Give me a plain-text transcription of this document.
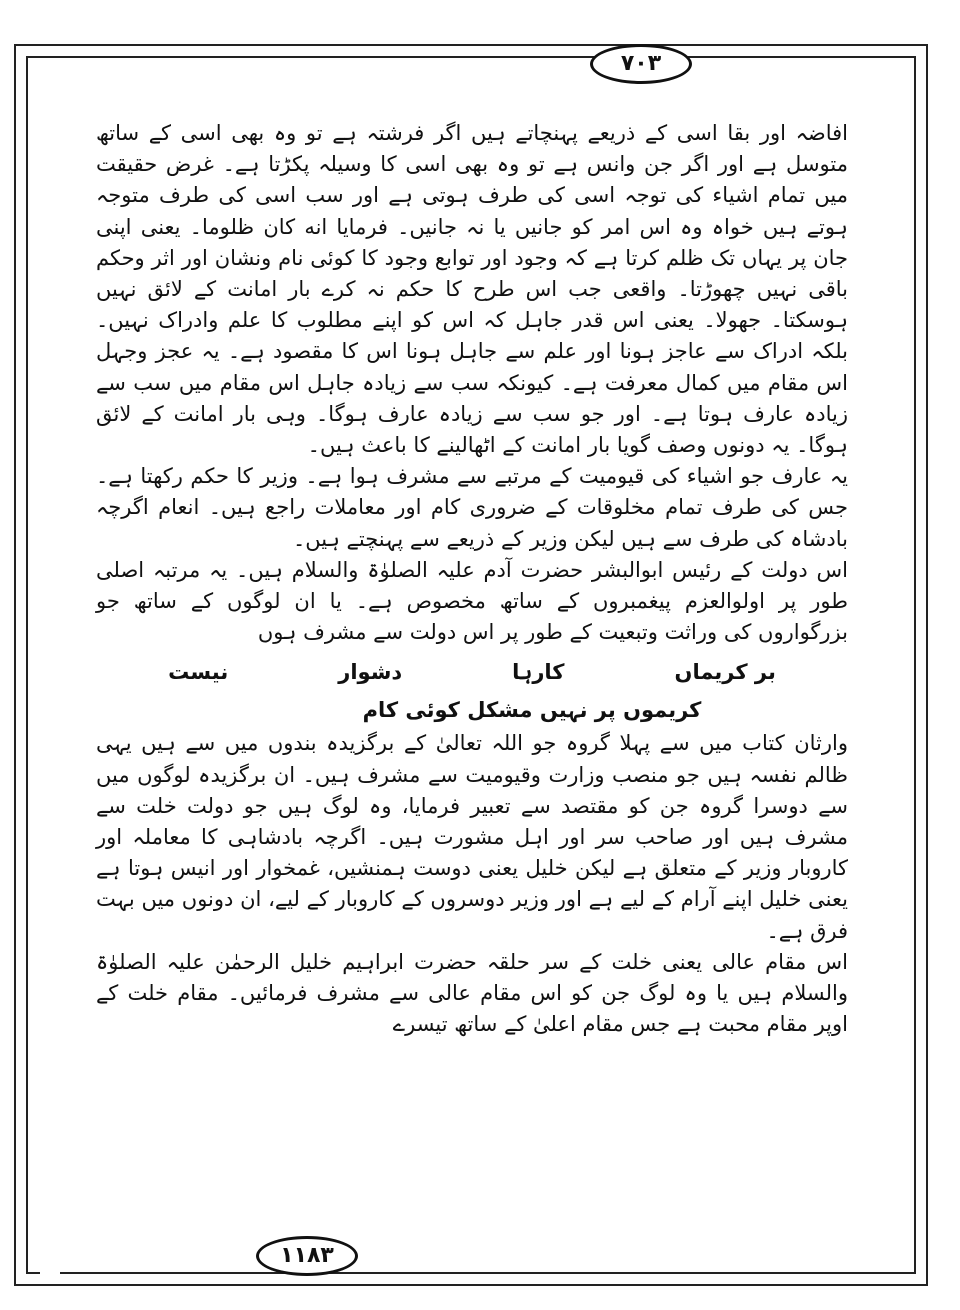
۷۰۳

افاضہ اور بقا اسی کے ذریعے پہنچاتے ہیں اگر فرشتہ ہے تو وہ بھی اسی کے ساتھ متوسل ہے اور اگر جن وانس ہے تو وہ بھی اسی کا وسیلہ پکڑتا ہے۔ غرض حقیقت میں تمام اشیاء کی توجہ اسی کی طرف ہوتی ہے اور سب اسی کی طرف متوجہ ہوتے ہیں خواہ وہ اس امر کو جانیں یا نہ جانیں۔ فرمایا انه کان ظلوما۔ یعنی اپنی جان پر یہاں تک ظلم کرتا ہے کہ وجود اور توابع وجود کا کوئی نام ونشان اور اثر وحکم باقی نہیں چھوڑتا۔ واقعی جب اس طرح کا حکم نہ کرے بار امانت کے لائق نہیں ہوسکتا۔ جھولا۔ یعنی اس قدر جاہل کہ اس کو اپنے مطلوب کا علم وادراک نہیں۔ بلکہ ادراک سے عاجز ہونا اور علم سے جاہل ہونا اس کا مقصود ہے۔ یہ عجز وجہل اس مقام میں کمال معرفت ہے۔ کیونکہ سب سے زیادہ جاہل اس مقام میں سب سے زیادہ عارف ہوتا ہے۔ اور جو سب سے زیادہ عارف ہوگا۔ وہی بار امانت کے لائق ہوگا۔ یہ دونوں وصف گویا بار امانت کے اٹھالینے کا باعث ہیں۔

یہ عارف جو اشیاء کی قیومیت کے مرتبے سے مشرف ہوا ہے۔ وزیر کا حکم رکھتا ہے۔ جس کی طرف تمام مخلوقات کے ضروری کام اور معاملات راجع ہیں۔ انعام اگرچہ بادشاہ کی طرف سے ہیں لیکن وزیر کے ذریعے سے پہنچتے ہیں۔

اس دولت کے رئیس ابوالبشر حضرت آدم علیہ الصلوٰۃ والسلام ہیں۔ یہ مرتبہ اصلی طور پر اولوالعزم پیغمبروں کے ساتھ مخصوص ہے۔ یا ان لوگوں کے ساتھ جو بزرگواروں کی وراثت وتبعیت کے طور پر اس دولت سے مشرف ہوں

بر کریماں
کارہا
دشوار
نیست
کریموں پر نہیں مشکل کوئی کام

وارثان کتاب میں سے پہلا گروہ جو اللہ تعالیٰ کے برگزیدہ بندوں میں سے ہیں یہی ظالم نفسہ ہیں جو منصب وزارت وقیومیت سے مشرف ہیں۔ ان برگزیدہ لوگوں میں سے دوسرا گروہ جن کو مقتصد سے تعبیر فرمایا، وہ لوگ ہیں جو دولت خلت سے مشرف ہیں اور صاحب سر اور اہل مشورت ہیں۔ اگرچہ بادشاہی کا معاملہ اور کاروبار وزیر کے متعلق ہے لیکن خلیل یعنی دوست ہمنشیں، غمخوار اور انیس ہوتا ہے یعنی خلیل اپنے آرام کے لیے ہے اور وزیر دوسروں کے کاروبار کے لیے، ان دونوں میں بہت فرق ہے۔

اس مقام عالی یعنی خلت کے سر حلقہ حضرت ابراہیم خلیل الرحمٰن علیہ الصلوٰۃ والسلام ہیں یا وہ لوگ جن کو اس مقام عالی سے مشرف فرمائیں۔ مقام خلت کے اوپر مقام محبت ہے جس مقام اعلیٰ کے ساتھ تیسرے

۱۱۸۳
